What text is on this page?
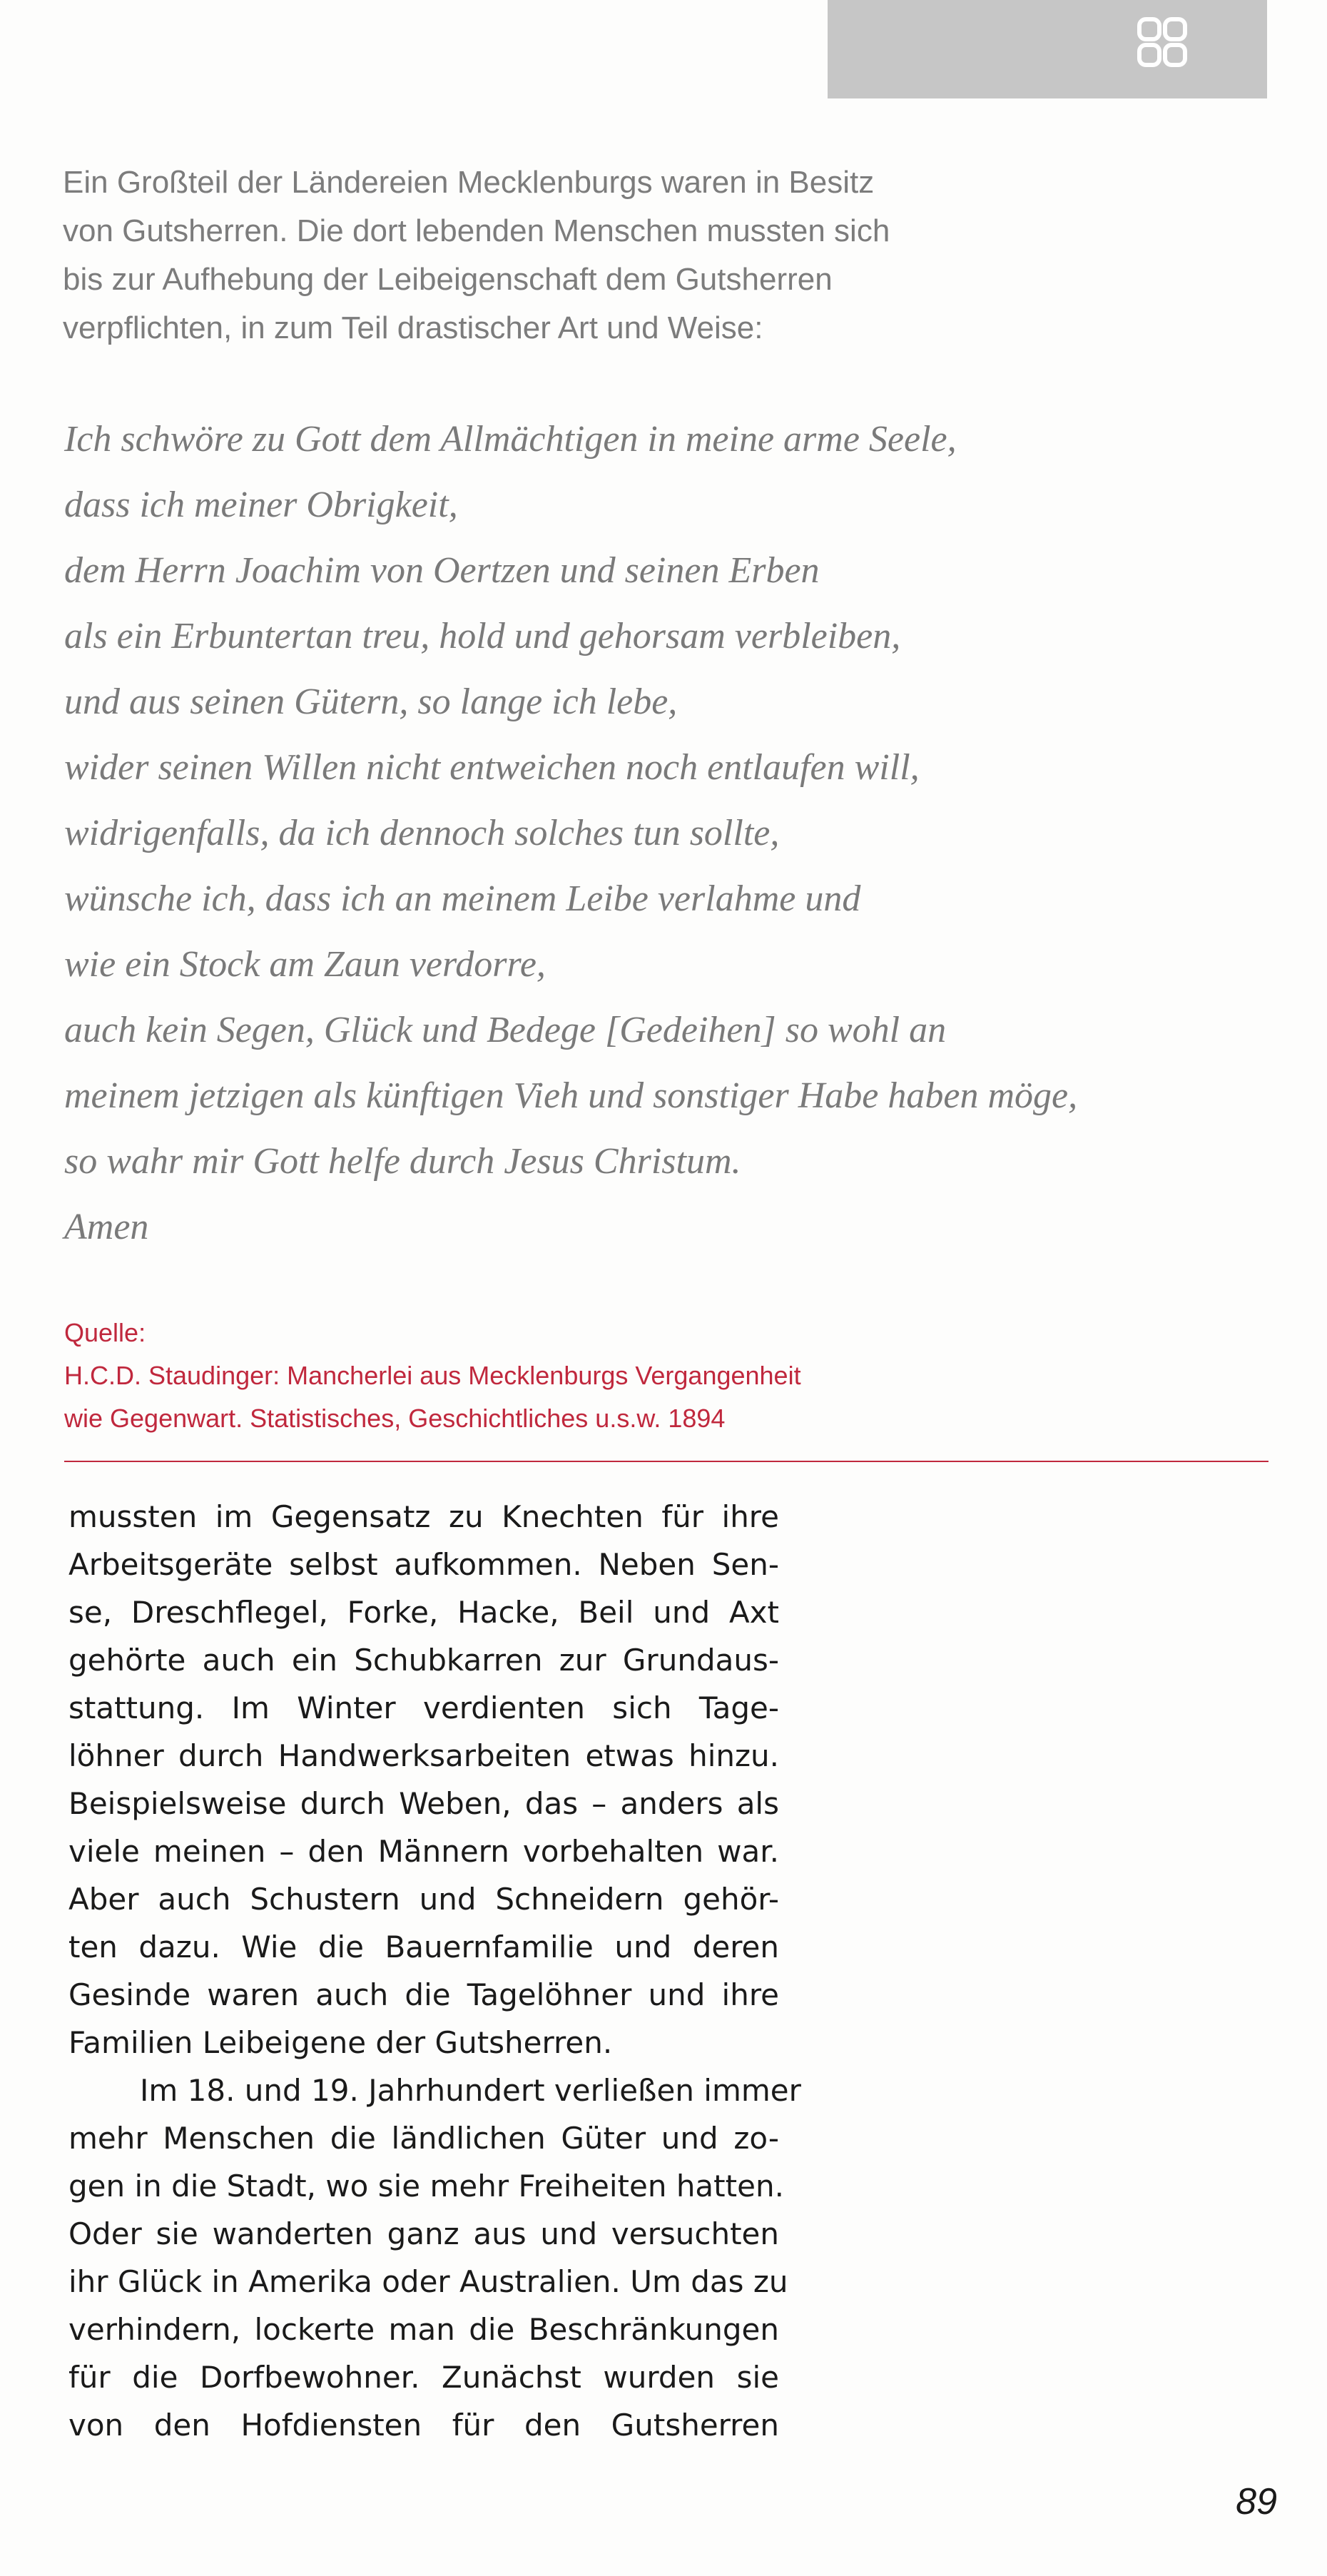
Ein Großteil der Ländereien Mecklenburgs waren in Besitz
von Gutsherren. Die dort lebenden Menschen mussten sich
bis zur Aufhebung der Leibeigenschaft dem Gutsherren
verpflichten, in zum Teil drastischer Art und Weise:

Ich schwöre zu Gott dem Allmächtigen in meine arme Seele,
dass ich meiner Obrigkeit,
dem Herrn Joachim von Oertzen und seinen Erben
als ein Erbuntertan treu, hold und gehorsam verbleiben,
und aus seinen Gütern, so lange ich lebe,
wider seinen Willen nicht entweichen noch entlaufen will,
widrigenfalls, da ich dennoch solches tun sollte,
wünsche ich, dass ich an meinem Leibe verlahme und
wie ein Stock am Zaun verdorre,
auch kein Segen, Glück und Bedege [Gedeihen] so wohl an
meinem jetzigen als künftigen Vieh und sonstiger Habe haben möge,
so wahr mir Gott helfe durch Jesus Christum.
Amen
Quelle:
H.C.D. Staudinger: Mancherlei aus Mecklenburgs Vergangenheit
wie Gegenwart. Statistisches, Geschichtliches u.s.w. 1894
mussten im Gegensatz zu Knechten für ihre
Arbeitsgeräte selbst aufkommen. Neben Sen-
se, Dreschflegel, Forke, Hacke, Beil und Axt
gehörte auch ein Schubkarren zur Grundaus-
stattung. Im Winter verdienten sich Tage-
löhner durch Handwerksarbeiten etwas hinzu.
Beispielsweise durch Weben, das – anders als
viele meinen – den Männern vorbehalten war.
Aber auch Schustern und Schneidern gehör-
ten dazu. Wie die Bauernfamilie und deren
Gesinde waren auch die Tagelöhner und ihre
Familien Leibeigene der Gutsherren.
Im 18. und 19. Jahrhundert verließen immer
mehr Menschen die ländlichen Güter und zo-
gen in die Stadt, wo sie mehr Freiheiten hatten.
Oder sie wanderten ganz aus und versuchten
ihr Glück in Amerika oder Australien. Um das zu
verhindern, lockerte man die Beschränkungen
für die Dorfbewohner. Zunächst wurden sie
von den Hofdiensten für den Gutsherren
89
